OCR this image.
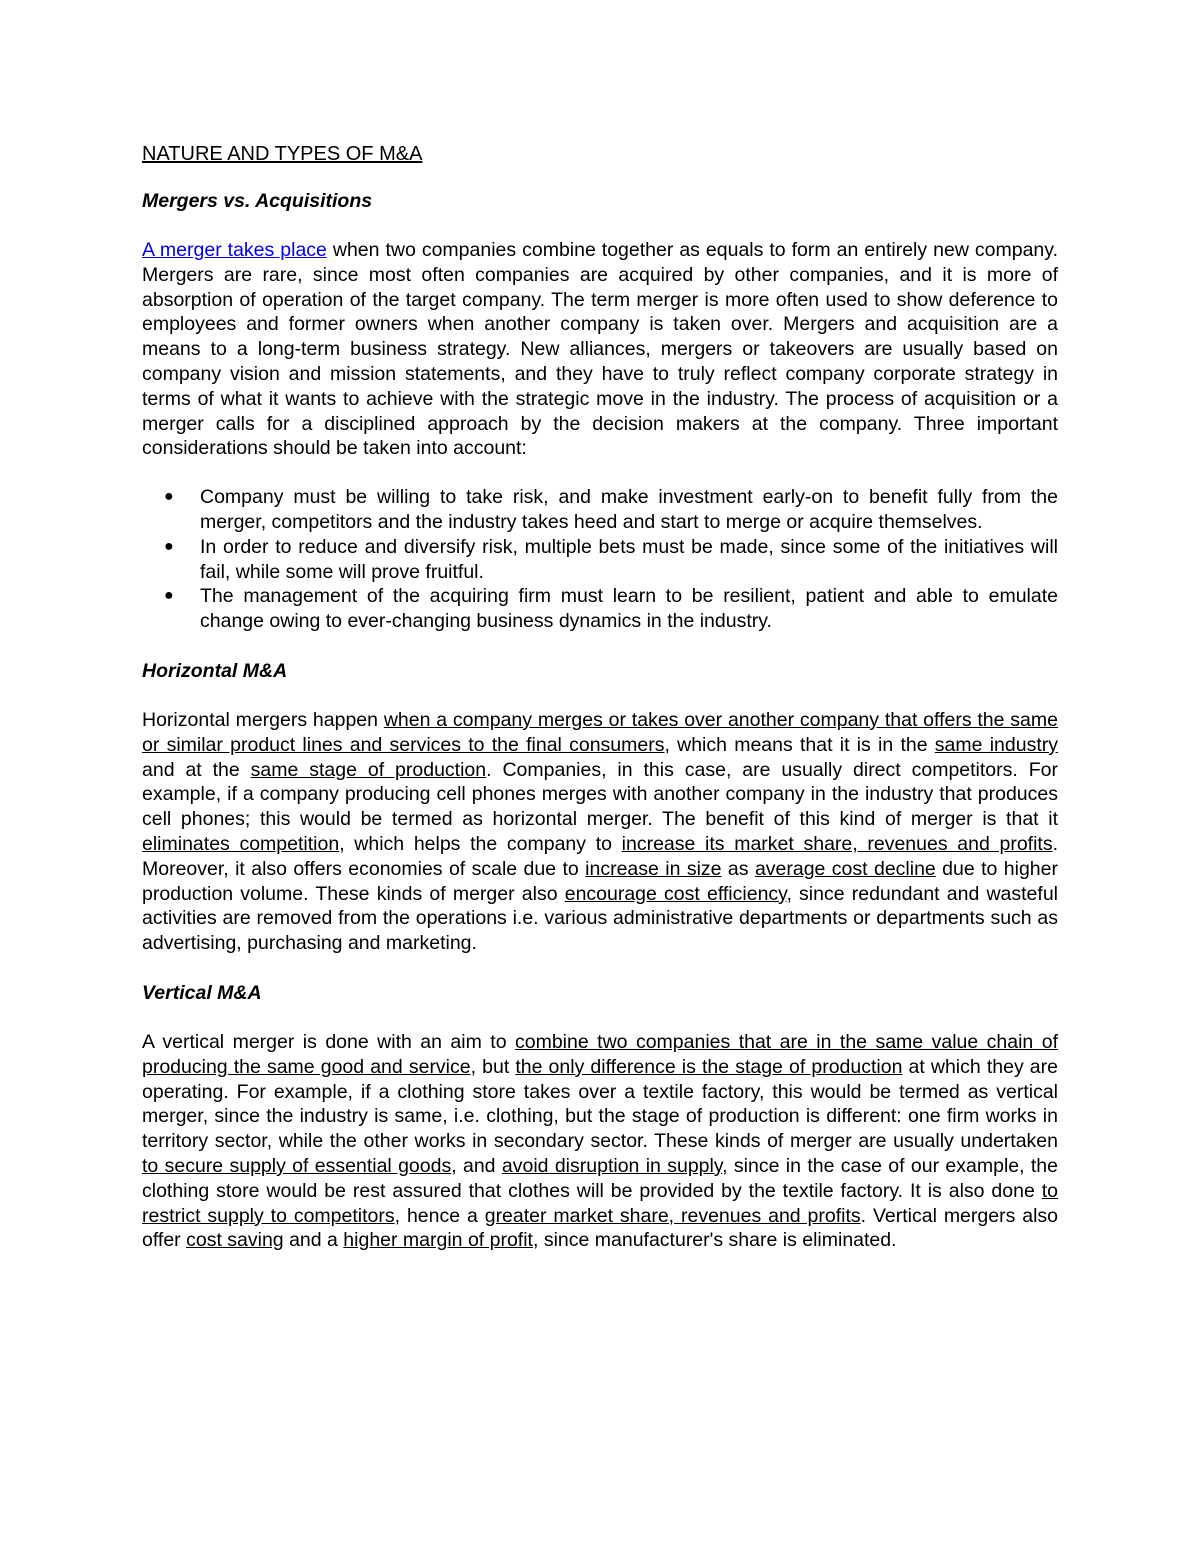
NATURE AND TYPES OF M&A
Mergers vs. Acquisitions

A merger takes place when two companies combine together as equals to form an entirely new company. Mergers are rare, since most often companies are acquired by other companies, and it is more of absorption of operation of the target company. The term merger is more often used to show deference to employees and former owners when another company is taken over. Mergers and acquisition are a means to a long-term business strategy. New alliances, mergers or takeovers are usually based on company vision and mission statements, and they have to truly reflect company corporate strategy in terms of what it wants to achieve with the strategic move in the industry. The process of acquisition or a merger calls for a disciplined approach by the decision makers at the company. Three important considerations should be taken into account:

● Company must be willing to take risk, and make investment early-on to benefit fully from the merger, competitors and the industry takes heed and start to merge or acquire themselves.
● In order to reduce and diversify risk, multiple bets must be made, since some of the initiatives will fail, while some will prove fruitful.
● The management of the acquiring firm must learn to be resilient, patient and able to emulate change owing to ever-changing business dynamics in the industry.
Horizontal M&A

Horizontal mergers happen when a company merges or takes over another company that offers the same or similar product lines and services to the final consumers, which means that it is in the same industry and at the same stage of production. Companies, in this case, are usually direct competitors. For example, if a company producing cell phones merges with another company in the industry that produces cell phones; this would be termed as horizontal merger. The benefit of this kind of merger is that it eliminates competition, which helps the company to increase its market share, revenues and profits. Moreover, it also offers economies of scale due to increase in size as average cost decline due to higher production volume. These kinds of merger also encourage cost efficiency, since redundant and wasteful activities are removed from the operations i.e. various administrative departments or departments such as advertising, purchasing and marketing.

Vertical M&A

A vertical merger is done with an aim to combine two companies that are in the same value chain of producing the same good and service, but the only difference is the stage of production at which they are operating. For example, if a clothing store takes over a textile factory, this would be termed as vertical merger, since the industry is same, i.e. clothing, but the stage of production is different: one firm works in territory sector, while the other works in secondary sector. These kinds of merger are usually undertaken to secure supply of essential goods, and avoid disruption in supply, since in the case of our example, the clothing store would be rest assured that clothes will be provided by the textile factory. It is also done to restrict supply to competitors, hence a greater market share, revenues and profits. Vertical mergers also offer cost saving and a higher margin of profit, since manufacturer's share is eliminated.
